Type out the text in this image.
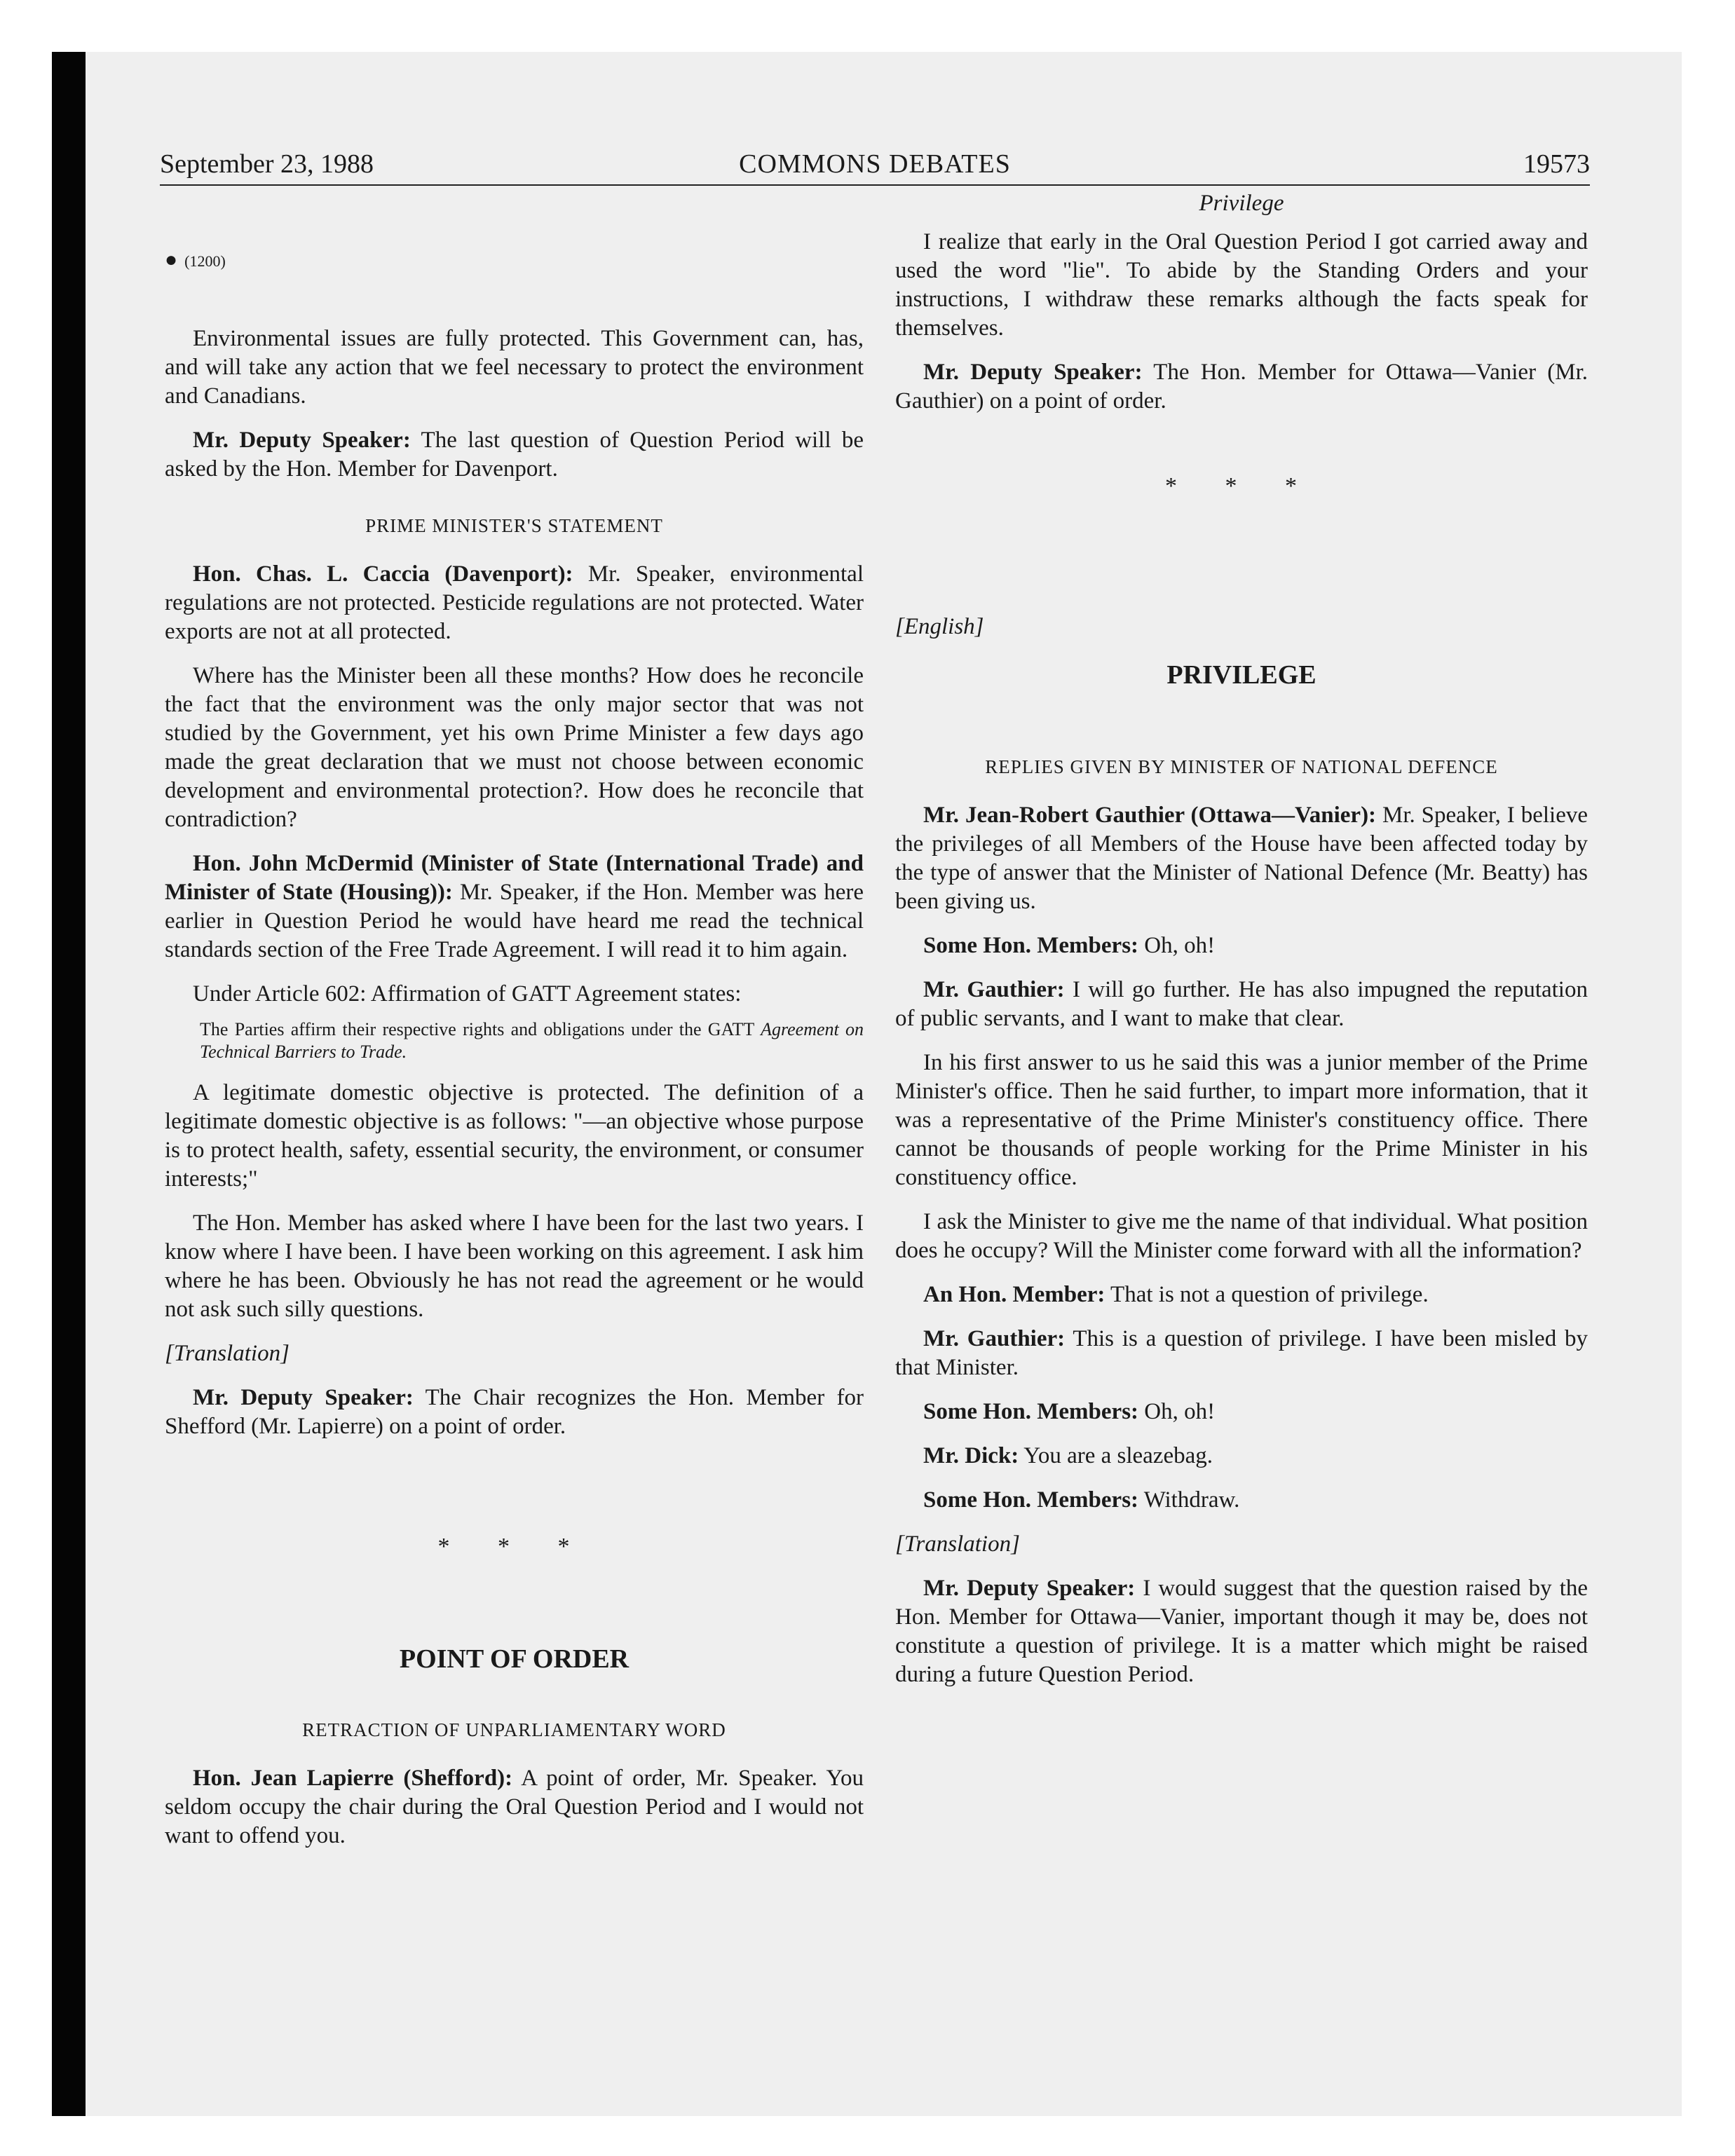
September 23, 1988	COMMONS DEBATES	19573

● (1200)

Environmental issues are fully protected. This Government can, has, and will take any action that we feel necessary to protect the environment and Canadians.

Mr. Deputy Speaker: The last question of Question Period will be asked by the Hon. Member for Davenport.

PRIME MINISTER'S STATEMENT

Hon. Chas. L. Caccia (Davenport): Mr. Speaker, environmental regulations are not protected. Pesticide regulations are not protected. Water exports are not at all protected.

Where has the Minister been all these months? How does he reconcile the fact that the environment was the only major sector that was not studied by the Government, yet his own Prime Minister a few days ago made the great declaration that we must not choose between economic development and environmental protection?. How does he reconcile that contradiction?

Hon. John McDermid (Minister of State (International Trade) and Minister of State (Housing)): Mr. Speaker, if the Hon. Member was here earlier in Question Period he would have heard me read the technical standards section of the Free Trade Agreement. I will read it to him again.

Under Article 602: Affirmation of GATT Agreement states:

The Parties affirm their respective rights and obligations under the GATT Agreement on Technical Barriers to Trade.

A legitimate domestic objective is protected. The definition of a legitimate domestic objective is as follows: "—an objective whose purpose is to protect health, safety, essential security, the environment, or consumer interests;"

The Hon. Member has asked where I have been for the last two years. I know where I have been. I have been working on this agreement. I ask him where he has been. Obviously he has not read the agreement or he would not ask such silly questions.

[Translation]

Mr. Deputy Speaker: The Chair recognizes the Hon. Member for Shefford (Mr. Lapierre) on a point of order.

* * *

POINT OF ORDER

RETRACTION OF UNPARLIAMENTARY WORD

Hon. Jean Lapierre (Shefford): A point of order, Mr. Speaker. You seldom occupy the chair during the Oral Question Period and I would not want to offend you.

Privilege

I realize that early in the Oral Question Period I got carried away and used the word "lie". To abide by the Standing Orders and your instructions, I withdraw these remarks although the facts speak for themselves.

Mr. Deputy Speaker: The Hon. Member for Ottawa—Vanier (Mr. Gauthier) on a point of order.

* * *

[English]

PRIVILEGE

REPLIES GIVEN BY MINISTER OF NATIONAL DEFENCE

Mr. Jean-Robert Gauthier (Ottawa—Vanier): Mr. Speaker, I believe the privileges of all Members of the House have been affected today by the type of answer that the Minister of National Defence (Mr. Beatty) has been giving us.

Some Hon. Members: Oh, oh!

Mr. Gauthier: I will go further. He has also impugned the reputation of public servants, and I want to make that clear.

In his first answer to us he said this was a junior member of the Prime Minister's office. Then he said further, to impart more information, that it was a representative of the Prime Minister's constituency office. There cannot be thousands of people working for the Prime Minister in his constituency office.

I ask the Minister to give me the name of that individual. What position does he occupy? Will the Minister come forward with all the information?

An Hon. Member: That is not a question of privilege.

Mr. Gauthier: This is a question of privilege. I have been misled by that Minister.

Some Hon. Members: Oh, oh!

Mr. Dick: You are a sleazebag.

Some Hon. Members: Withdraw.

[Translation]

Mr. Deputy Speaker: I would suggest that the question raised by the Hon. Member for Ottawa—Vanier, important though it may be, does not constitute a question of privilege. It is a matter which might be raised during a future Question Period.
